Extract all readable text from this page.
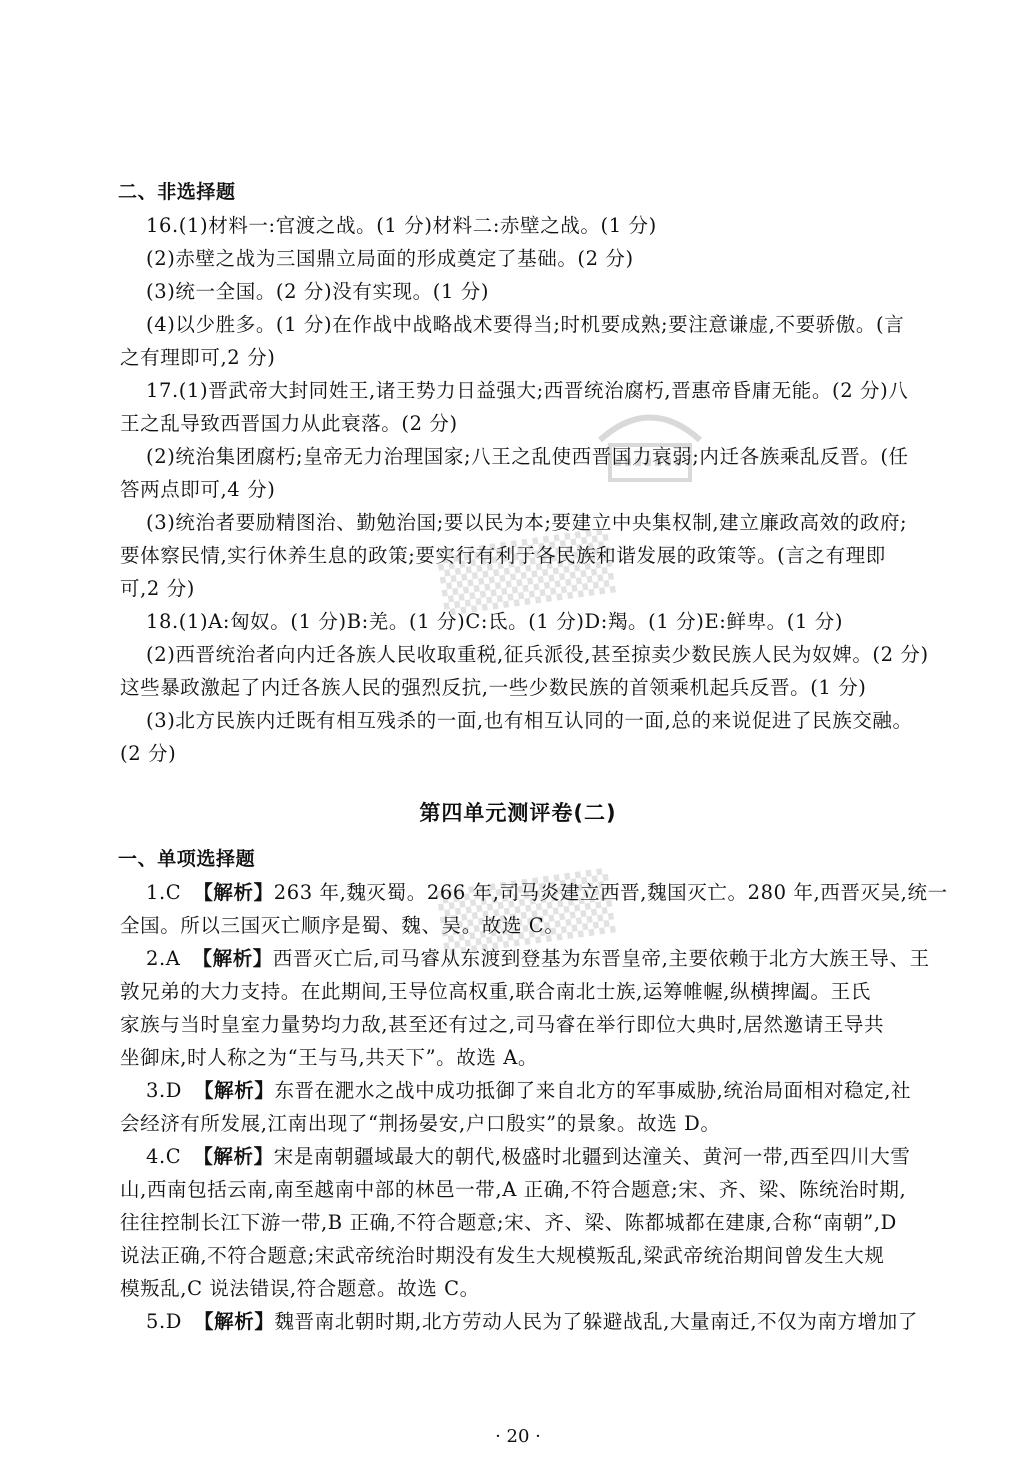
▒▒▒▒
▒▒▒▒
二、非选择题
16.(1)材料一:官渡之战。(1 分)材料二:赤壁之战。(1 分)
(2)赤壁之战为三国鼎立局面的形成奠定了基础。(2 分)
(3)统一全国。(2 分)没有实现。(1 分)
(4)以少胜多。(1 分)在作战中战略战术要得当;时机要成熟;要注意谦虚,不要骄傲。(言
之有理即可,2 分)
17.(1)晋武帝大封同姓王,诸王势力日益强大;西晋统治腐朽,晋惠帝昏庸无能。(2 分)八
王之乱导致西晋国力从此衰落。(2 分)
(2)统治集团腐朽;皇帝无力治理国家;八王之乱使西晋国力衰弱;内迁各族乘乱反晋。(任
答两点即可,4 分)
(3)统治者要励精图治、勤勉治国;要以民为本;要建立中央集权制,建立廉政高效的政府;
要体察民情,实行休养生息的政策;要实行有利于各民族和谐发展的政策等。(言之有理即
可,2 分)
18.(1)A:匈奴。(1 分)B:羌。(1 分)C:氐。(1 分)D:羯。(1 分)E:鲜卑。(1 分)
(2)西晋统治者向内迁各族人民收取重税,征兵派役,甚至掠卖少数民族人民为奴婢。(2 分)
这些暴政激起了内迁各族人民的强烈反抗,一些少数民族的首领乘机起兵反晋。(1 分)
(3)北方民族内迁既有相互残杀的一面,也有相互认同的一面,总的来说促进了民族交融。
(2 分)
第四单元测评卷(二)
一、单项选择题
1.C 【解析】263 年,魏灭蜀。266 年,司马炎建立西晋,魏国灭亡。280 年,西晋灭吴,统一
全国。所以三国灭亡顺序是蜀、魏、吴。故选 C。
2.A 【解析】西晋灭亡后,司马睿从东渡到登基为东晋皇帝,主要依赖于北方大族王导、王
敦兄弟的大力支持。在此期间,王导位高权重,联合南北士族,运筹帷幄,纵横捭阖。王氏
家族与当时皇室力量势均力敌,甚至还有过之,司马睿在举行即位大典时,居然邀请王导共
坐御床,时人称之为“王与马,共天下”。故选 A。
3.D 【解析】东晋在淝水之战中成功抵御了来自北方的军事威胁,统治局面相对稳定,社
会经济有所发展,江南出现了“荆扬晏安,户口殷实”的景象。故选 D。
4.C 【解析】宋是南朝疆域最大的朝代,极盛时北疆到达潼关、黄河一带,西至四川大雪
山,西南包括云南,南至越南中部的林邑一带,A 正确,不符合题意;宋、齐、梁、陈统治时期,
往往控制长江下游一带,B 正确,不符合题意;宋、齐、梁、陈都城都在建康,合称“南朝”,D
说法正确,不符合题意;宋武帝统治时期没有发生大规模叛乱,梁武帝统治期间曾发生大规
模叛乱,C 说法错误,符合题意。故选 C。
5.D 【解析】魏晋南北朝时期,北方劳动人民为了躲避战乱,大量南迁,不仅为南方增加了
· 20 ·
